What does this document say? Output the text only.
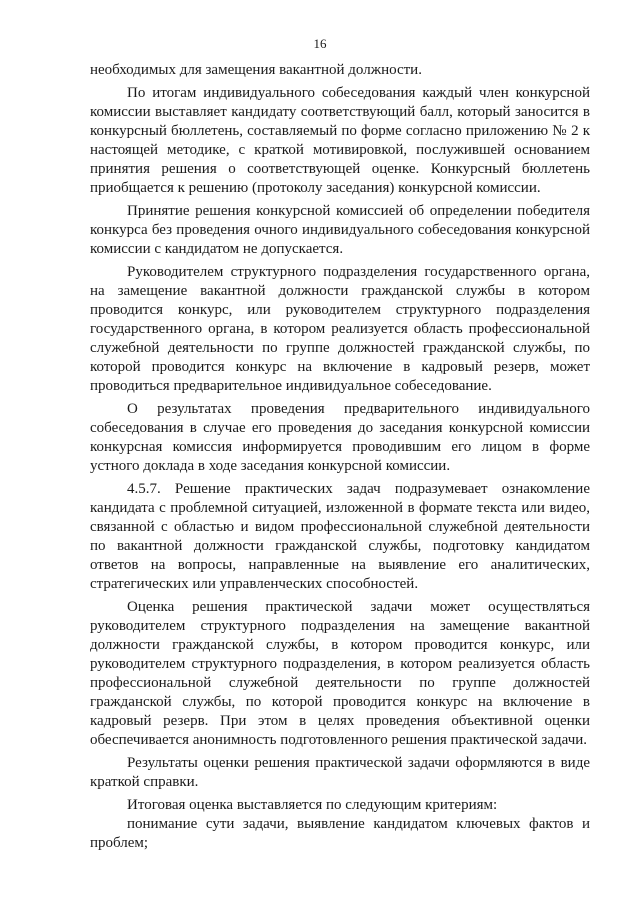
16

необходимых для замещения вакантной должности.

По итогам индивидуального собеседования каждый член конкурсной комиссии выставляет кандидату соответствующий балл, который заносится в конкурсный бюллетень, составляемый по форме согласно приложению № 2 к настоящей методике, с краткой мотивировкой, послужившей основанием принятия решения о соответствующей оценке. Конкурсный бюллетень приобщается к решению (протоколу заседания) конкурсной комиссии.

Принятие решения конкурсной комиссией об определении победителя конкурса без проведения очного индивидуального собеседования конкурсной комиссии с кандидатом не допускается.

Руководителем структурного подразделения государственного органа, на замещение вакантной должности гражданской службы в котором проводится конкурс, или руководителем структурного подразделения государственного органа, в котором реализуется область профессиональной служебной деятельности по группе должностей гражданской службы, по которой проводится конкурс на включение в кадровый резерв, может проводиться предварительное индивидуальное собеседование.

О результатах проведения предварительного индивидуального собеседования в случае его проведения до заседания конкурсной комиссии конкурсная комиссия информируется проводившим его лицом в форме устного доклада в ходе заседания конкурсной комиссии.

4.5.7. Решение практических задач подразумевает ознакомление кандидата с проблемной ситуацией, изложенной в формате текста или видео, связанной с областью и видом профессиональной служебной деятельности по вакантной должности гражданской службы, подготовку кандидатом ответов на вопросы, направленные на выявление его аналитических, стратегических или управленческих способностей.

Оценка решения практической задачи может осуществляться руководителем структурного подразделения на замещение вакантной должности гражданской службы, в котором проводится конкурс, или руководителем структурного подразделения, в котором реализуется область профессиональной служебной деятельности по группе должностей гражданской службы, по которой проводится конкурс на включение в кадровый резерв. При этом в целях проведения объективной оценки обеспечивается анонимность подготовленного решения практической задачи.

Результаты оценки решения практической задачи оформляются в виде краткой справки.

Итоговая оценка выставляется по следующим критериям:

понимание сути задачи, выявление кандидатом ключевых фактов и проблем;
